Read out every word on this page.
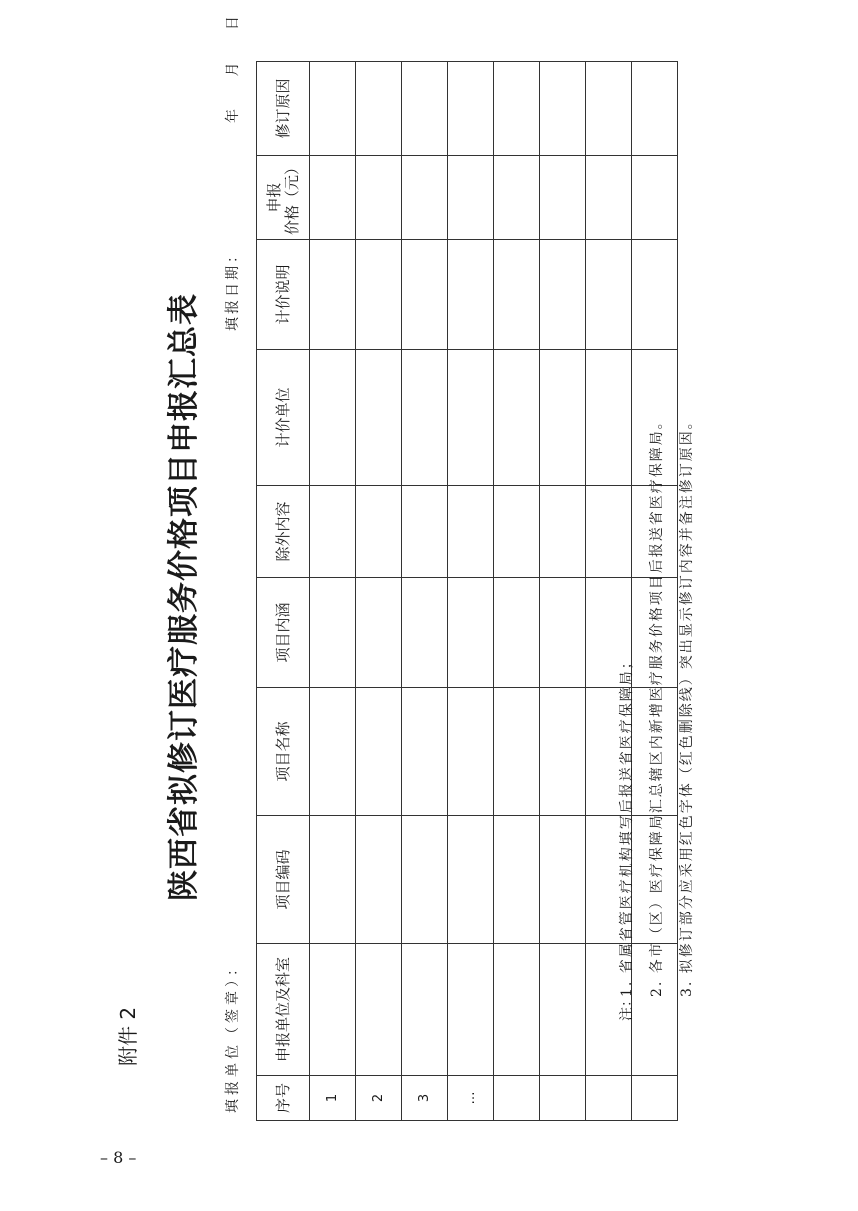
附件 2
陕西省拟修订医疗服务价格项目申报汇总表
填报单位（签章）：
填报日期：
年 月 日
序号	申报单位及科室	项目编码	项目名称	项目内涵	除外内容	计价单位	计价说明	申报 价格（元）	修订原因
1									
2									
3									
…									

注：1. 省属省管医疗机构填写后报送省医疗保障局；	2. 各市（区）医疗保障局汇总辖区内新增医疗服务价格项目后报送省医疗保障局。	3. 拟修订部分应采用红色字体（红色删除线）突出显示修订内容并备注修订原因。
– 8 –
